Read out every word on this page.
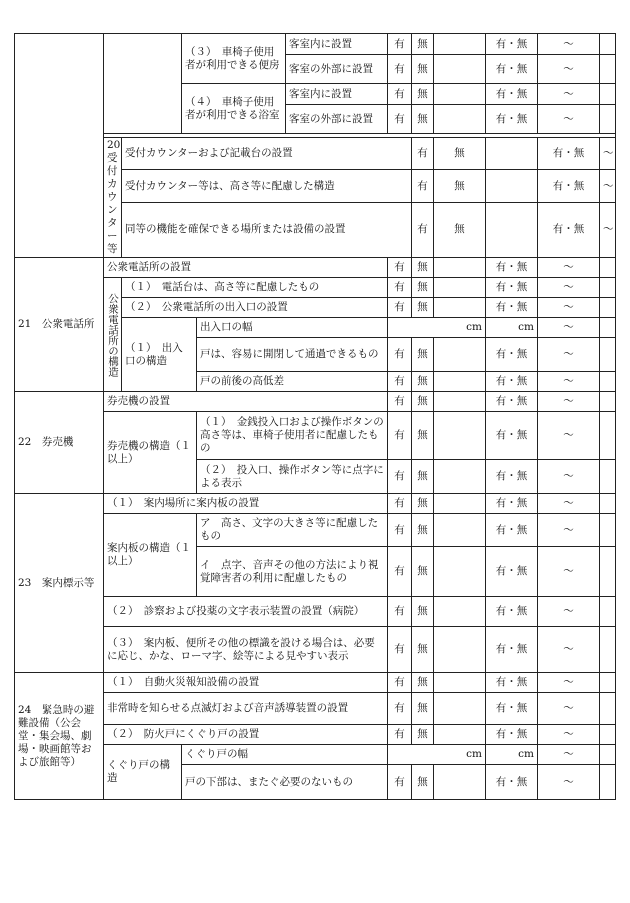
			（３）　車椅子使用者が利用できる便房		客室内に設置	有	無		有・無	～		
					客室の外部に設置	有	無		有・無	～		
			（４）　車椅子使用者が利用できる浴室		客室内に設置	有	無		有・無	～		
					客室の外部に設置	有	無		有・無	～		

	20　受付カウンター等	受付カウンターおよび記載台の設置					有	無		有・無	～	
		受付カウンター等は、高さ等に配慮した構造					有	無		有・無	～	
		同等の機能を確保できる場所または設備の設置					有	無		有・無	～	
21　公衆電話所	公衆電話所の設置					有	無		有・無	～		
	公衆電話所の構造	（１）　電話台は、高さ等に配慮したもの				有	無		有・無	～		
		（２）　公衆電話所の出入口の設置				有	無		有・無	～		
		（１）　出入口の構造		出入口の幅		cm			cm	～		
				戸は、容易に開閉して通過できるもの		有	無		有・無	～		
				戸の前後の高低差		有	無		有・無	～		
22　券売機	券売機の設置					有	無		有・無	～		
	券売機の構造（１以上）			（１）　金銭投入口および操作ボタンの高さ等は、車椅子使用者に配慮したもの		有	無		有・無	～		
				（２）　投入口、操作ボタン等に点字による表示		有	無		有・無	～		
23　案内標示等	（１）　案内場所に案内板の設置					有	無		有・無	～		
	案内板の構造（１以上）			ア　高さ、文字の大きさ等に配慮したもの		有	無		有・無	～		
				イ　点字、音声その他の方法により視覚障害者の利用に配慮したもの		有	無		有・無	～		
	（２）　診察および投薬の文字表示装置の設置（病院）					有	無		有・無	～		
	（３）　案内板、便所その他の標識を設ける場合は、必要に応じ、かな、ローマ字、絵等による見やすい表示					有	無		有・無	～		
24　緊急時の避難設備（公会堂・集会場、劇場・映画館等および旅館等）	（１）　自動火災報知設備の設置					有	無		有・無	～		
	非常時を知らせる点滅灯および音声誘導装置の設置					有	無		有・無	～		
	（２）　防火戸にくぐり戸の設置					有	無		有・無	～		
	くぐり戸の構造		くぐり戸の幅			cm			cm	～		
			戸の下部は、またぐ必要のないもの			有	無		有・無	～		
